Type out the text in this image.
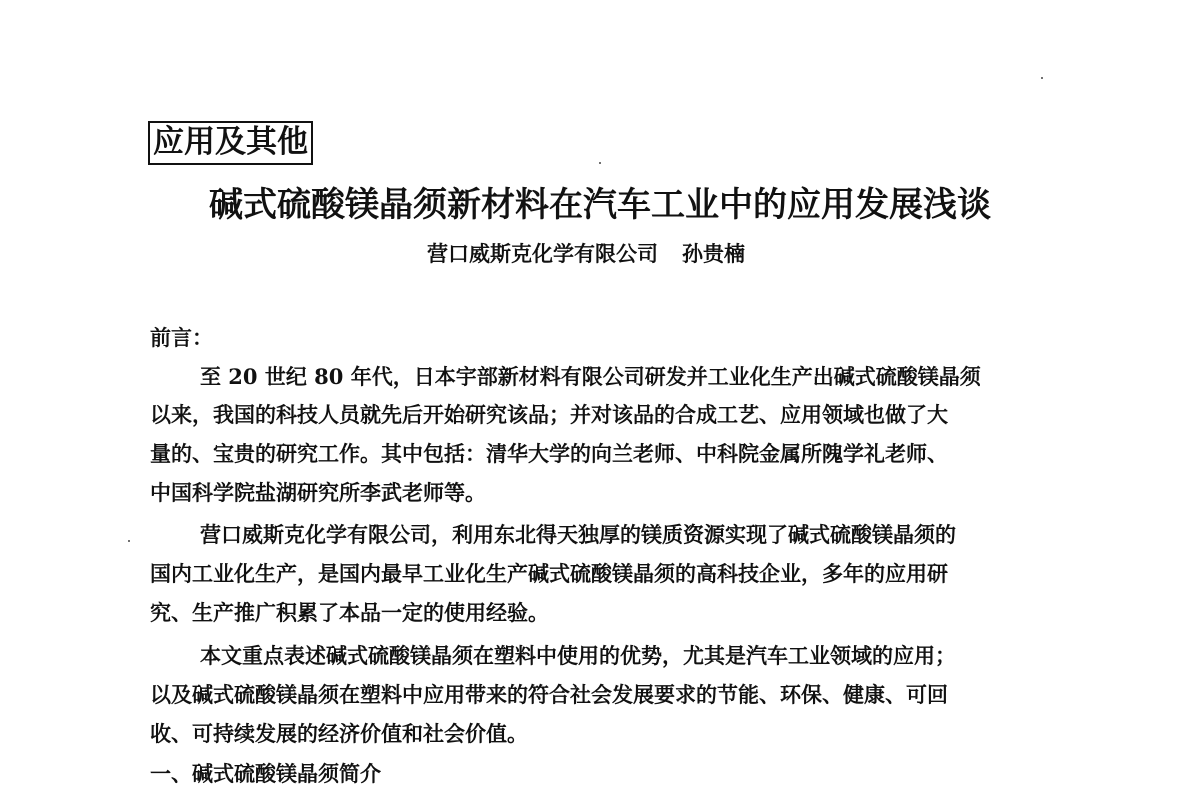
应用及其他
碱式硫酸镁晶须新材料在汽车工业中的应用发展浅谈
营口威斯克化学有限公司 孙贵楠
前言：
至 20 世纪 80 年代，日本宇部新材料有限公司研发并工业化生产出碱式硫酸镁晶须
以来，我国的科技人员就先后开始研究该品；并对该品的合成工艺、应用领域也做了大
量的、宝贵的研究工作。其中包括：清华大学的向兰老师、中科院金属所隗学礼老师、
中国科学院盐湖研究所李武老师等。
营口威斯克化学有限公司，利用东北得天独厚的镁质资源实现了碱式硫酸镁晶须的
国内工业化生产，是国内最早工业化生产碱式硫酸镁晶须的高科技企业，多年的应用研
究、生产推广积累了本品一定的使用经验。
本文重点表述碱式硫酸镁晶须在塑料中使用的优势，尤其是汽车工业领域的应用；
以及碱式硫酸镁晶须在塑料中应用带来的符合社会发展要求的节能、环保、健康、可回
收、可持续发展的经济价值和社会价值。
一、碱式硫酸镁晶须简介
